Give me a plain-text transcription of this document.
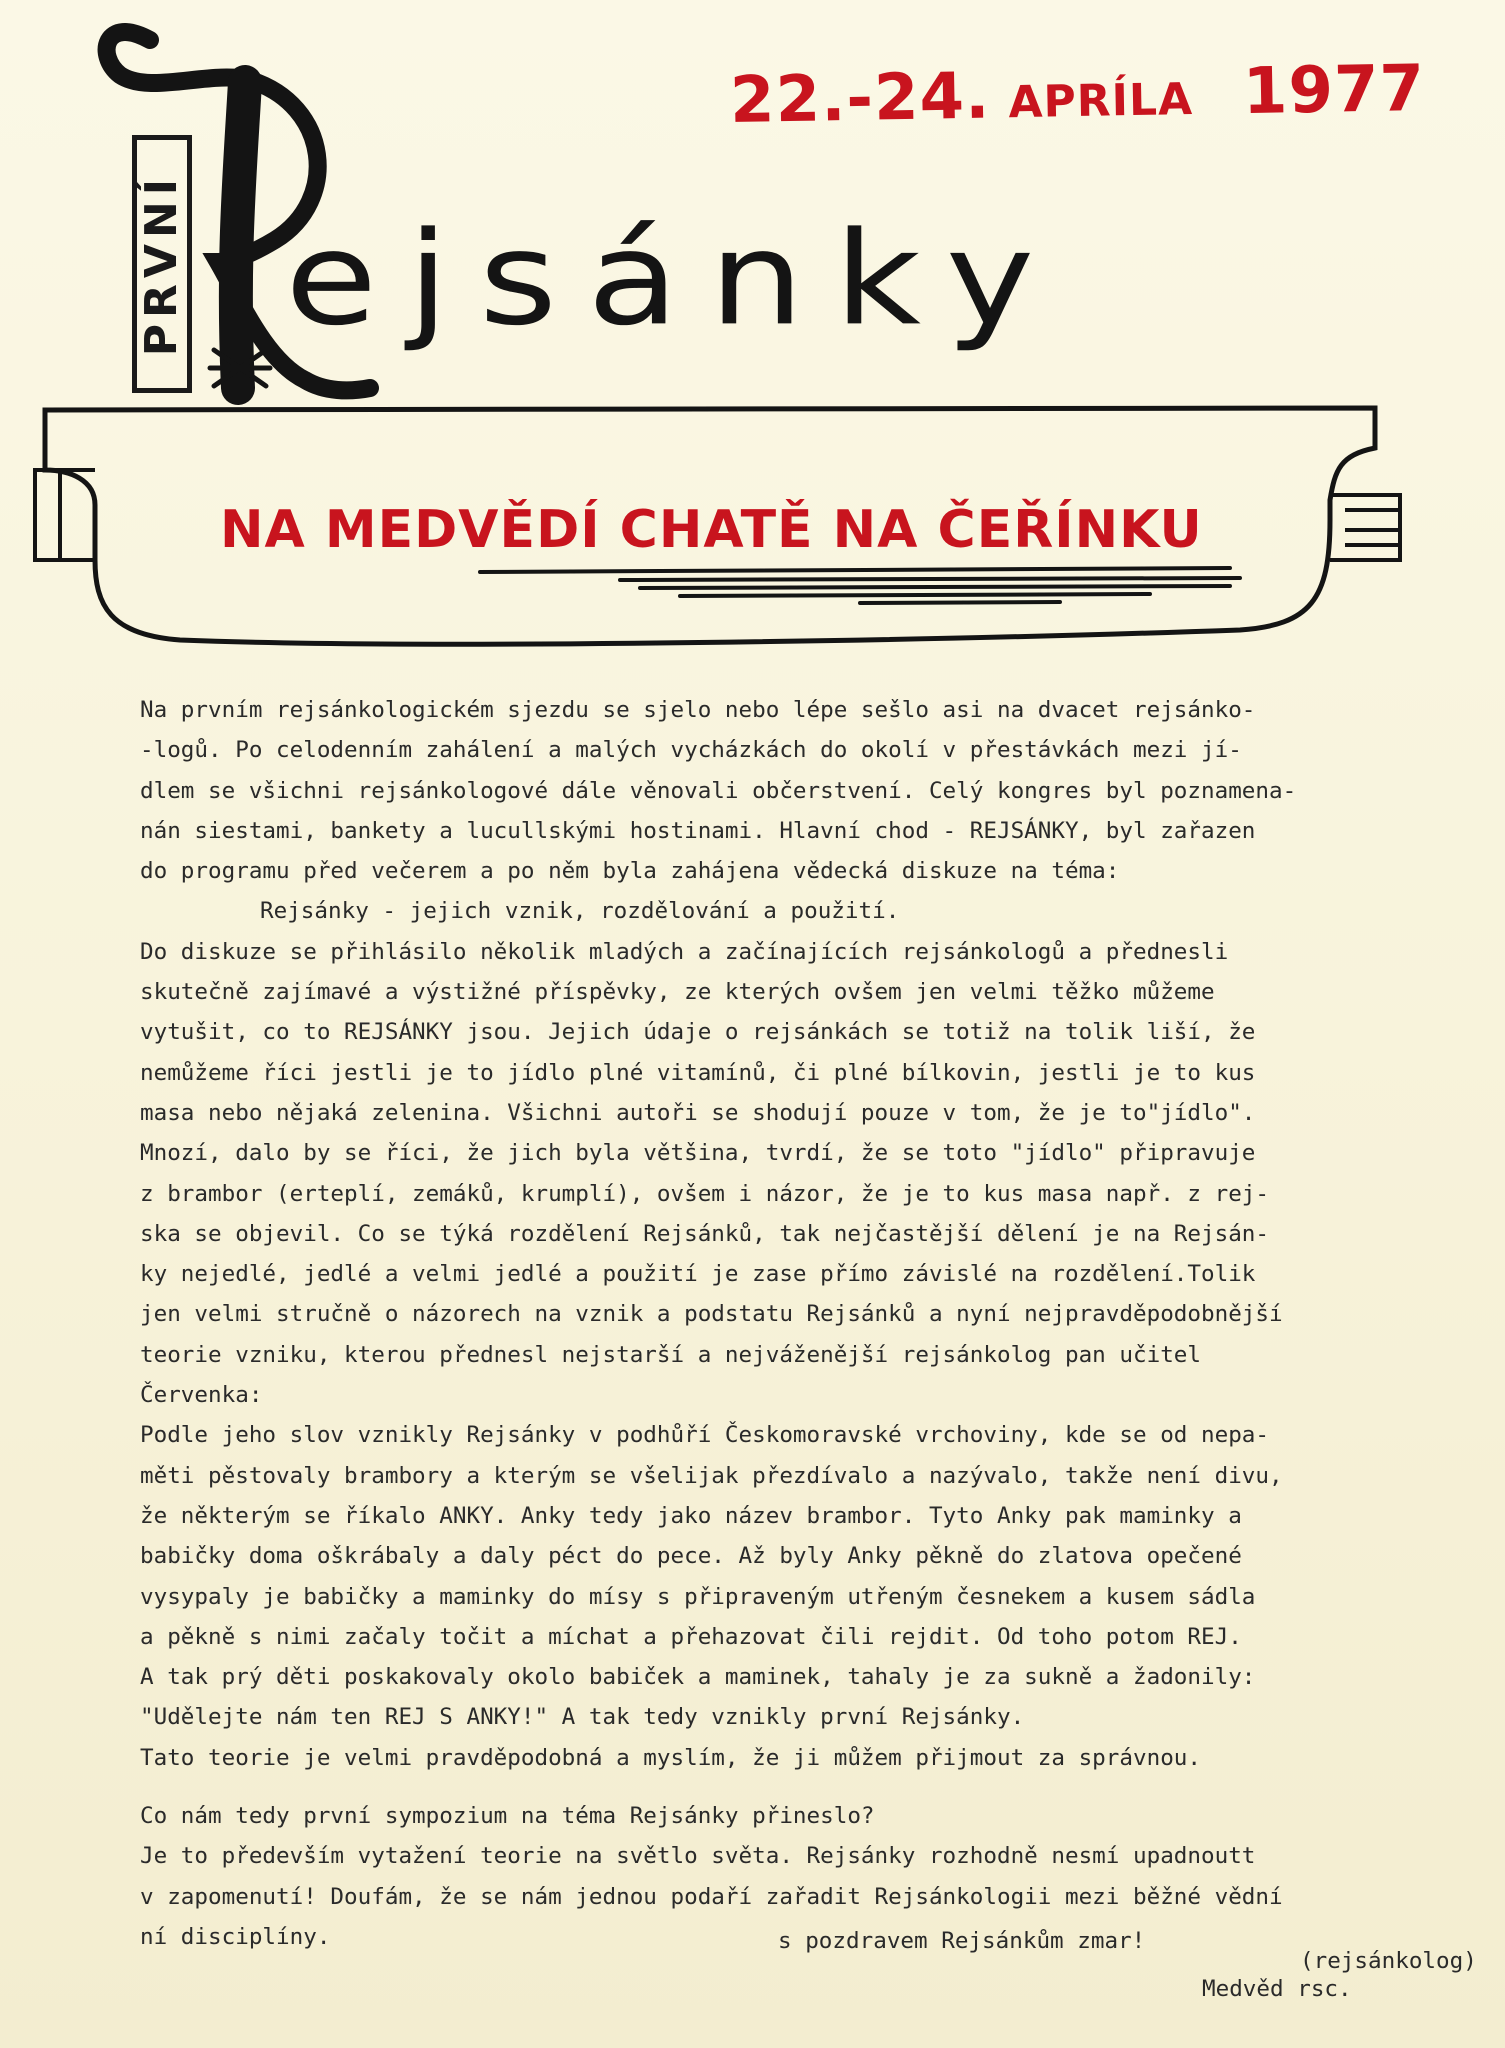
22.-24. APRÍLA 1977
PRVNÍ ejsánky
NA MEDVĚDÍ CHATĚ NA ČEŘÍNKU
Na prvním rejsánkologickém sjezdu se sjelo nebo lépe sešlo asi na dvacet rejsánko-
-logů. Po celodenním zahálení a malých vycházkách do okolí v přestávkách mezi jí-
dlem se všichni rejsánkologové dále věnovali občerstvení. Celý kongres byl poznamena-
nán siestami, bankety a lucullskými hostinami. Hlavní chod - REJSÁNKY, byl zařazen
do programu před večerem a po něm byla zahájena vědecká diskuze na téma:
Rejsánky - jejich vznik, rozdělování a použití.
Do diskuze se přihlásilo několik mladých a začínajících rejsánkologů a přednesli
skutečně zajímavé a výstižné příspěvky, ze kterých ovšem jen velmi těžko můžeme
vytušit, co to REJSÁNKY jsou. Jejich údaje o rejsánkách se totiž na tolik liší, že
nemůžeme říci jestli je to jídlo plné vitamínů, či plné bílkovin, jestli je to kus
masa nebo nějaká zelenina. Všichni autoři se shodují pouze v tom, že je to"jídlo".
Mnozí, dalo by se říci, že jich byla většina, tvrdí, že se toto "jídlo" připravuje
z brambor (erteplí, zemáků, krumplí), ovšem i názor, že je to kus masa např. z rej-
ska se objevil. Co se týká rozdělení Rejsánků, tak nejčastější dělení je na Rejsán-
ky nejedlé, jedlé a velmi jedlé a použití je zase přímo závislé na rozdělení.Tolik
jen velmi stručně o názorech na vznik a podstatu Rejsánků a nyní nejpravděpodobnější
teorie vzniku, kterou přednesl nejstarší a nejváženější rejsánkolog pan učitel
Červenka:
Podle jeho slov vznikly Rejsánky v podhůří Českomoravské vrchoviny, kde se od nepa-
měti pěstovaly brambory a kterým se všelijak přezdívalo a nazývalo, takže není divu,
že některým se říkalo ANKY. Anky tedy jako název brambor. Tyto Anky pak maminky a
babičky doma oškrábaly a daly péct do pece. Až byly Anky pěkně do zlatova opečené
vysypaly je babičky a maminky do mísy s připraveným utřeným česnekem a kusem sádla
a pěkně s nimi začaly točit a míchat a přehazovat čili rejdit. Od toho potom REJ.
A tak prý děti poskakovaly okolo babiček a maminek, tahaly je za sukně a žadonily:
"Udělejte nám ten REJ S ANKY!" A tak tedy vznikly první Rejsánky.
Tato teorie je velmi pravděpodobná a myslím, že ji můžem přijmout za správnou.
Co nám tedy první sympozium na téma Rejsánky přineslo?
Je to především vytažení teorie na světlo světa. Rejsánky rozhodně nesmí upadnoutt
v zapomenutí! Doufám, že se nám jednou podaří zařadit Rejsánkologii mezi běžné vědní
ní disciplíny.	s pozdravem Rejsánkům zmar!
(rejsánkolog)
Medvěd rsc.
